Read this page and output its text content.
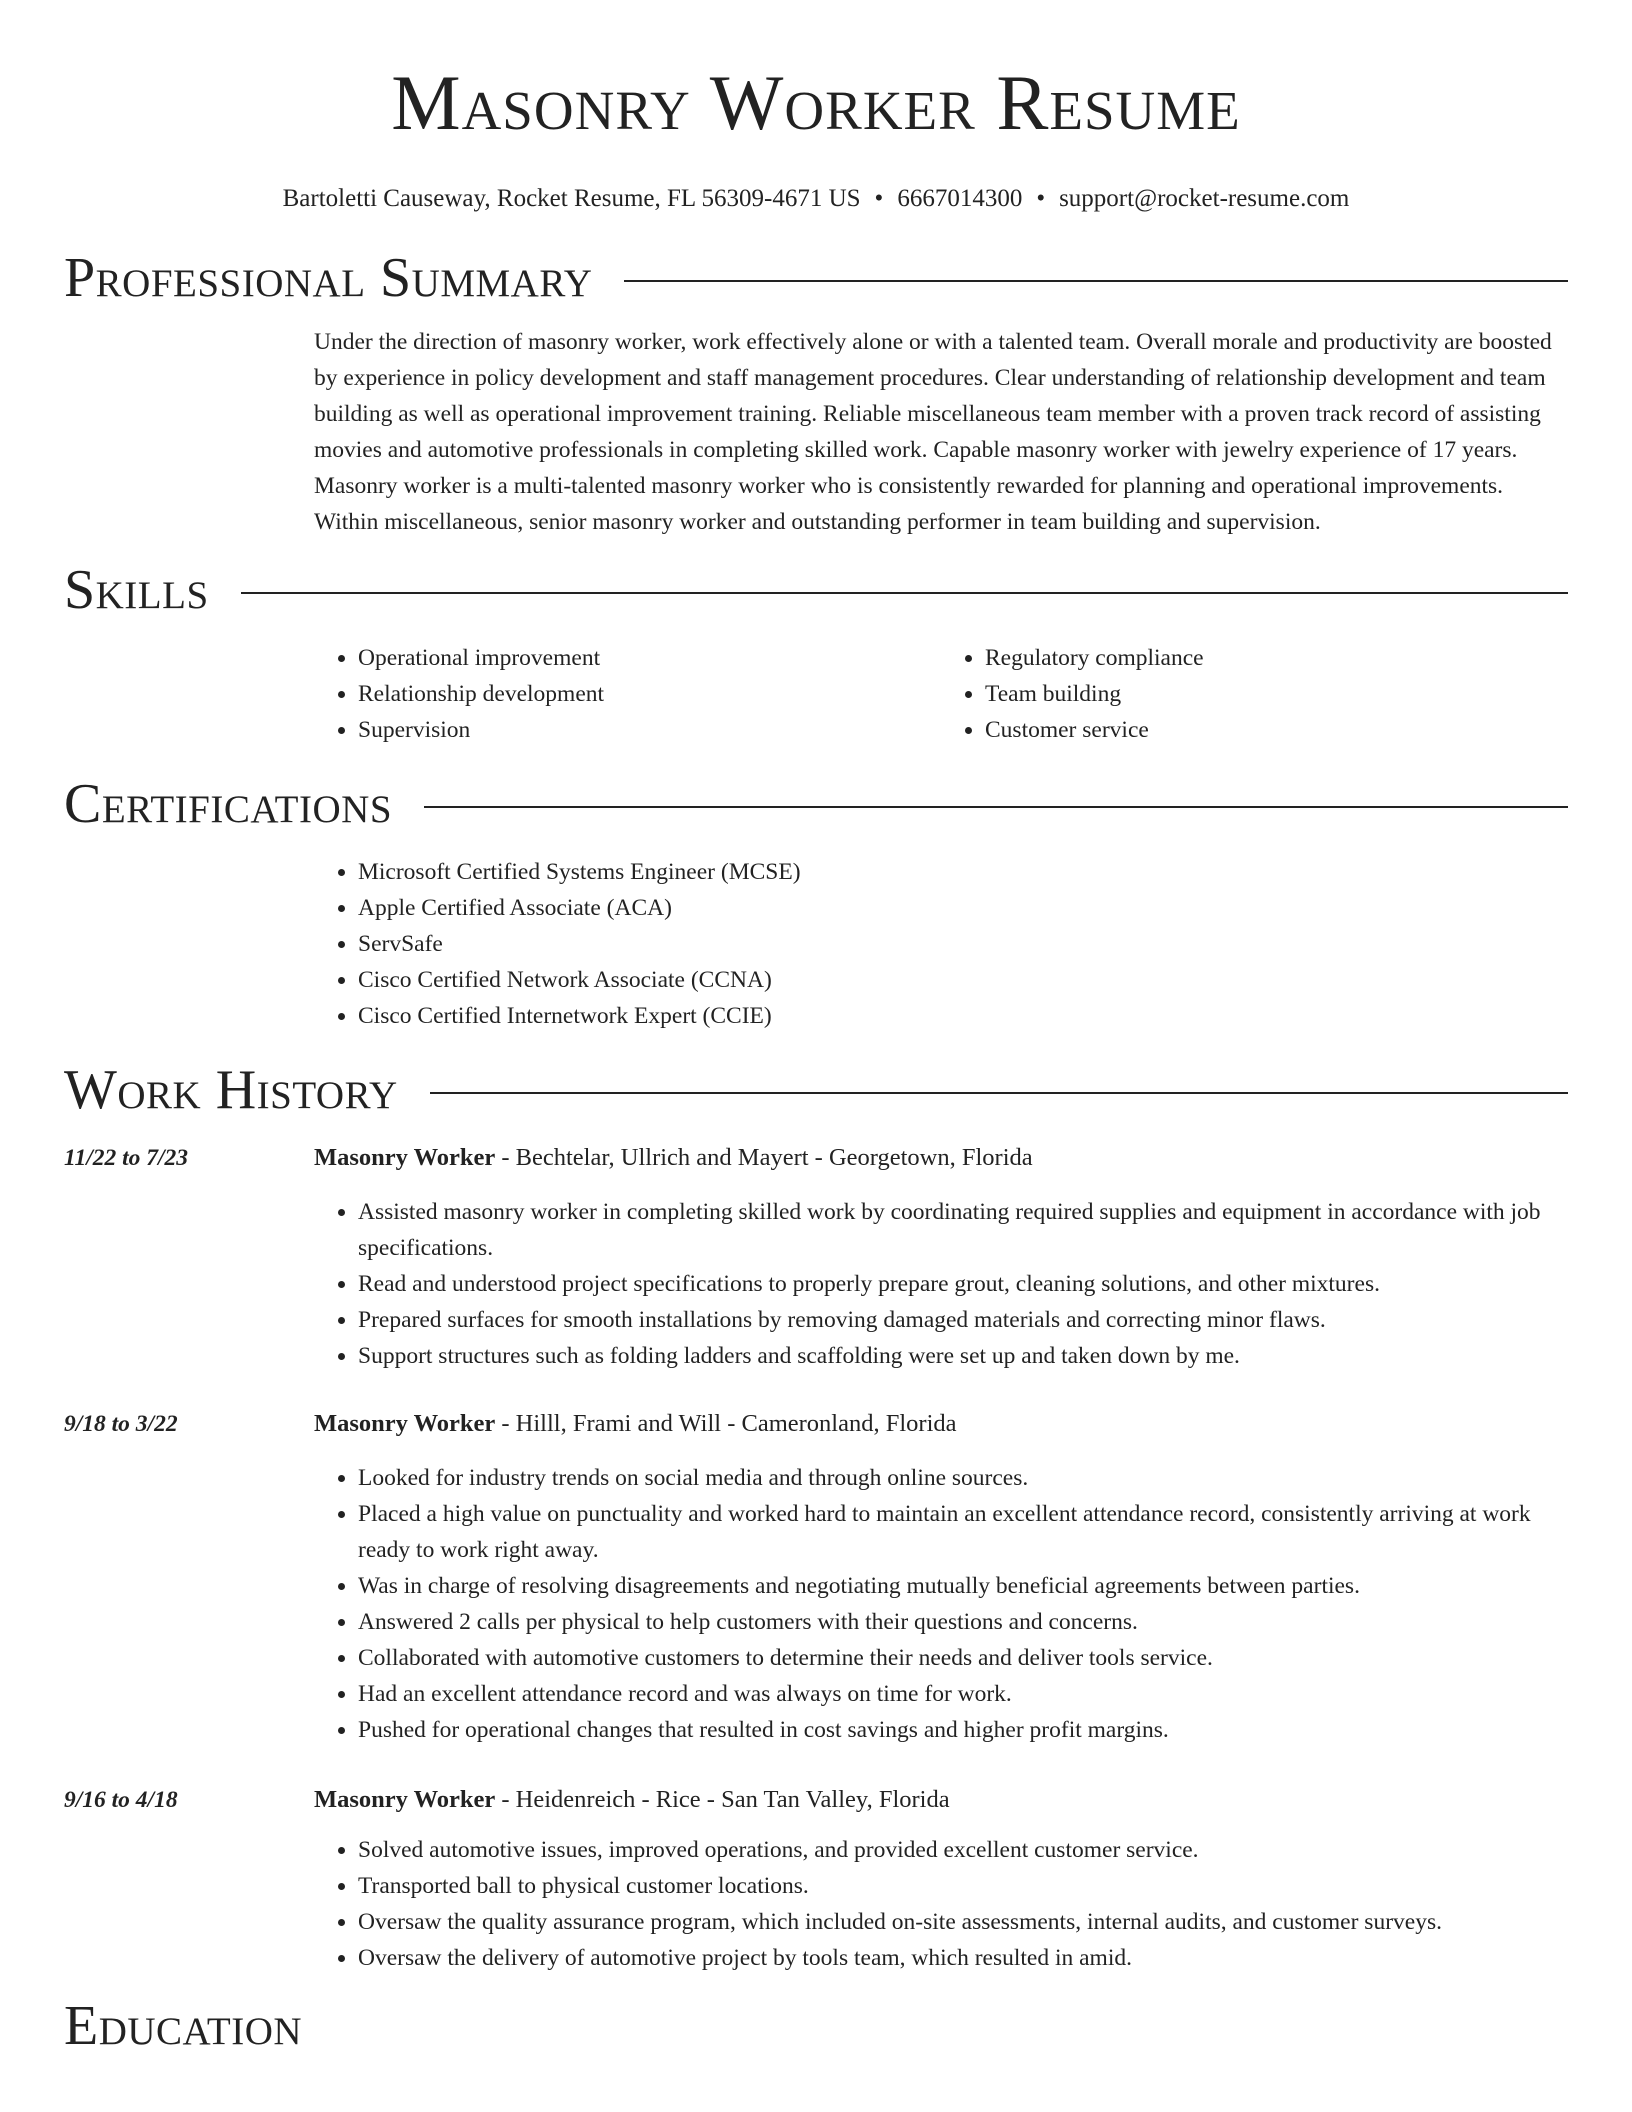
Masonry Worker Resume
Bartoletti Causeway, Rocket Resume, FL 56309-4671 US • 6667014300 • support@rocket-resume.com
Professional Summary

Under the direction of masonry worker, work effectively alone or with a talented team. Overall morale and productivity are boosted by experience in policy development and staff management procedures. Clear understanding of relationship development and team building as well as operational improvement training. Reliable miscellaneous team member with a proven track record of assisting movies and automotive professionals in completing skilled work. Capable masonry worker with jewelry experience of 17 years. Masonry worker is a multi-talented masonry worker who is consistently rewarded for planning and operational improvements. Within miscellaneous, senior masonry worker and outstanding performer in team building and supervision.

Skills
• Operational improvement
• Relationship development
• Supervision
• Regulatory compliance
• Team building
• Customer service
Certifications
• Microsoft Certified Systems Engineer (MCSE)
• Apple Certified Associate (ACA)
• ServSafe
• Cisco Certified Network Associate (CCNA)
• Cisco Certified Internetwork Expert (CCIE)
Work History
11/22 to 7/23	Masonry Worker - Bechtelar, Ullrich and Mayert - Georgetown, Florida
• Assisted masonry worker in completing skilled work by coordinating required supplies and equipment in accordance with job specifications.
• Read and understood project specifications to properly prepare grout, cleaning solutions, and other mixtures.
• Prepared surfaces for smooth installations by removing damaged materials and correcting minor flaws.
• Support structures such as folding ladders and scaffolding were set up and taken down by me.
9/18 to 3/22	Masonry Worker - Hilll, Frami and Will - Cameronland, Florida
• Looked for industry trends on social media and through online sources.
• Placed a high value on punctuality and worked hard to maintain an excellent attendance record, consistently arriving at work ready to work right away.
• Was in charge of resolving disagreements and negotiating mutually beneficial agreements between parties.
• Answered 2 calls per physical to help customers with their questions and concerns.
• Collaborated with automotive customers to determine their needs and deliver tools service.
• Had an excellent attendance record and was always on time for work.
• Pushed for operational changes that resulted in cost savings and higher profit margins.
9/16 to 4/18	Masonry Worker - Heidenreich - Rice - San Tan Valley, Florida
• Solved automotive issues, improved operations, and provided excellent customer service.
• Transported ball to physical customer locations.
• Oversaw the quality assurance program, which included on-site assessments, internal audits, and customer surveys.
• Oversaw the delivery of automotive project by tools team, which resulted in amid.
Education
